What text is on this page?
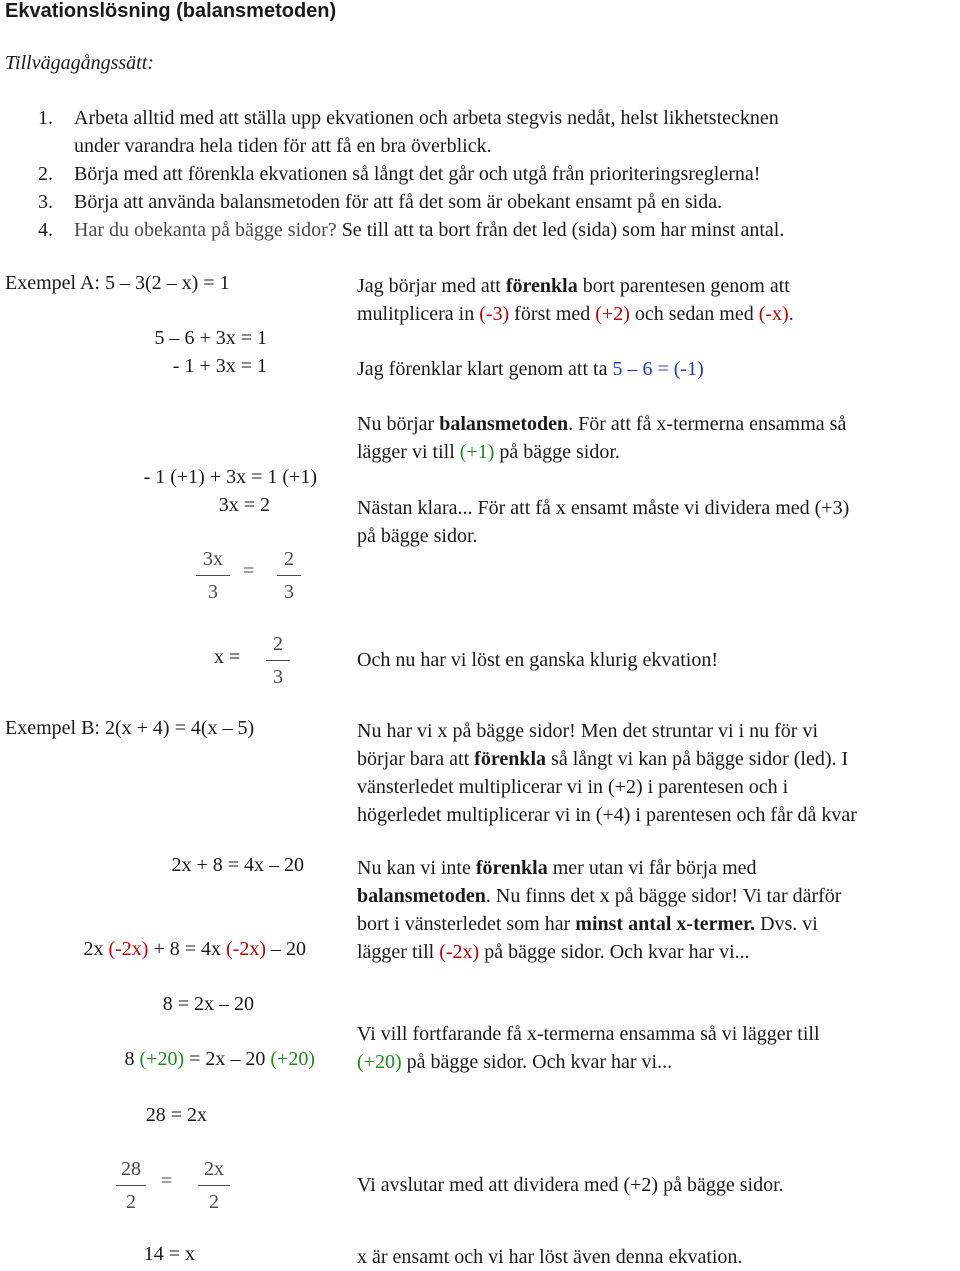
Ekvationslösning (balansmetoden)
Tillvägagångssätt:
1. Arbeta alltid med att ställa upp ekvationen och arbeta stegvis nedåt, helst likhetstecknen
under varandra hela tiden för att få en bra överblick.
2. Börja med att förenkla ekvationen så långt det går och utgå från prioriteringsreglerna!
3. Börja att använda balansmetoden för att få det som är obekant ensamt på en sida.
4. Har du obekanta på bägge sidor? Se till att ta bort från det led (sida) som har minst antal.
Exempel A: 5 – 3(2 – x) = 1
5 – 6 + 3x = 1
- 1 + 3x = 1
- 1 (+1) + 3x = 1 (+1)
3x = 2
3x
3
=
2
3
x =
2
3
Jag börjar med att förenkla bort parentesen genom att
mulitplicera in (-3) först med (+2) och sedan med (-x).
Jag förenklar klart genom att ta 5 – 6 = (-1)
Nu börjar balansmetoden. För att få x-termerna ensamma så
lägger vi till (+1) på bägge sidor.
Nästan klara... För att få x ensamt måste vi dividera med (+3)
på bägge sidor.
Och nu har vi löst en ganska klurig ekvation!
Exempel B: 2(x + 4) = 4(x – 5)
2x + 8 = 4x – 20
2x (-2x) + 8 = 4x (-2x) – 20
8 = 2x – 20
8 (+20) = 2x – 20 (+20)
28 = 2x
28
2
=
2x
2
14 = x
Nu har vi x på bägge sidor! Men det struntar vi i nu för vi
börjar bara att förenkla så långt vi kan på bägge sidor (led). I
vänsterledet multiplicerar vi in (+2) i parentesen och i
högerledet multiplicerar vi in (+4) i parentesen och får då kvar
Nu kan vi inte förenkla mer utan vi får börja med
balansmetoden. Nu finns det x på bägge sidor! Vi tar därför
bort i vänsterledet som har minst antal x-termer. Dvs. vi
lägger till (-2x) på bägge sidor. Och kvar har vi...
Vi vill fortfarande få x-termerna ensamma så vi lägger till
(+20) på bägge sidor. Och kvar har vi...
Vi avslutar med att dividera med (+2) på bägge sidor.
x är ensamt och vi har löst även denna ekvation.
